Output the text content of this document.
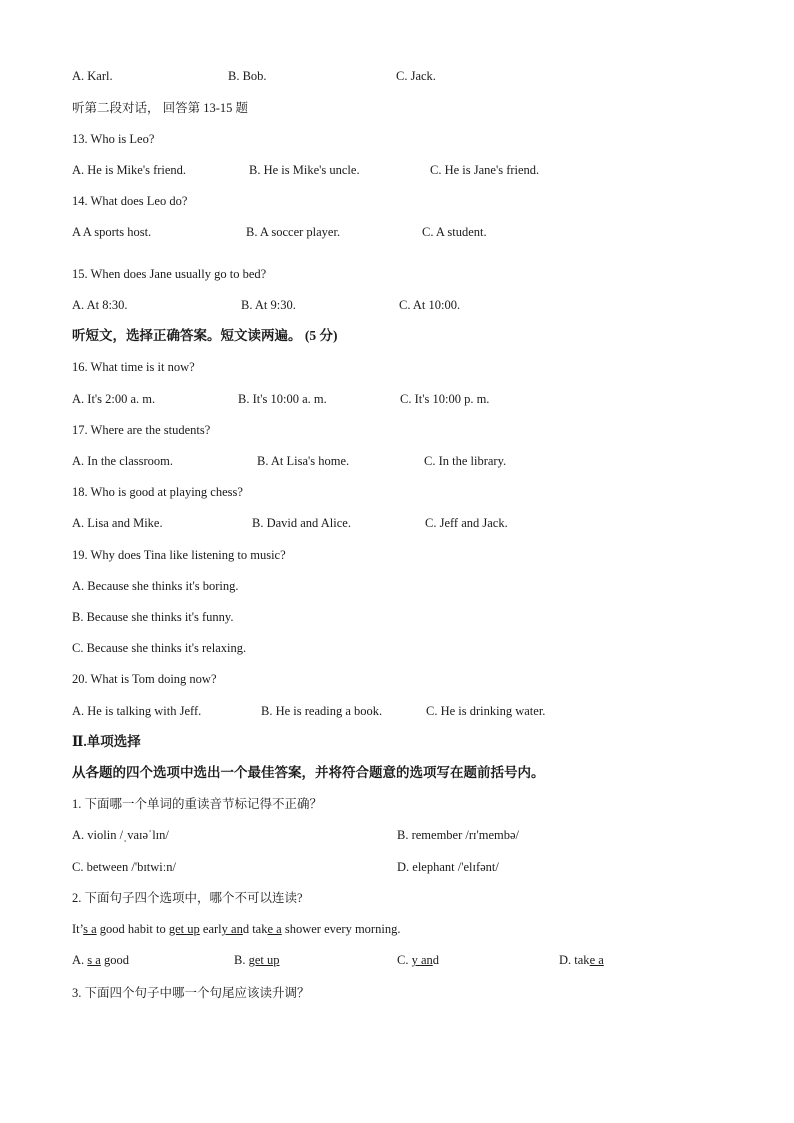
A. Karl.	B. Bob.	C. Jack.
听第二段对话， 回答第 13-15 题
13. Who is Leo?
A. He is Mike's friend.	B. He is Mike's uncle.	C. He is Jane's friend.
14. What does Leo do?
A A sports host.	B. A soccer player.	C. A student.
15. When does Jane usually go to bed?
A. At 8:30.	B. At 9:30.	C. At 10:00.
听短文，选择正确答案。短文读两遍。 (5 分)
16. What time is it now?
A. It's 2:00 a. m.	B. It's 10:00 a. m.	C. It's 10:00 p. m.
17. Where are the students?
A. In the classroom.	B. At Lisa's home.	C. In the library.
18. Who is good at playing chess?
A. Lisa and Mike.	B. David and Alice.	C. Jeff and Jack.
19. Why does Tina like listening to music?
A. Because she thinks it's boring.
B. Because she thinks it's funny.
C. Because she thinks it's relaxing.
20. What is Tom doing now?
A. He is talking with Jeff.	B. He is reading a book.	C. He is drinking water.
Ⅱ.单项选择
从各题的四个选项中选出一个最佳答案，并将符合题意的选项写在题前括号内。
1. 下面哪一个单词的重读音节标记得不正确？
A. violin /ˌvaɪəˈlɪn/	B. remember /rɪ'membə/
C. between /'bɪtwiːn/	D. elephant /'elɪfənt/
2. 下面句子四个选项中，哪个不可以连读?
It’s a good habit to get up early and take a shower every morning.
A. s a good	B. get up	C. y and	D. take a
3. 下面四个句子中哪一个句尾应该读升调？
